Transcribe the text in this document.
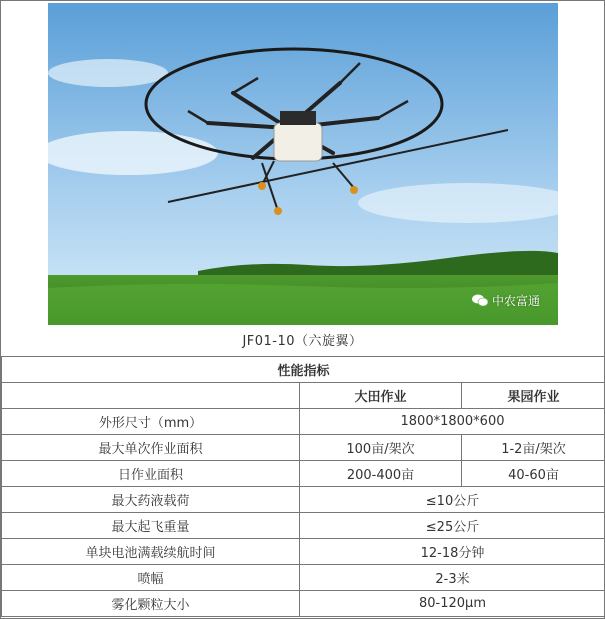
中农富通
JF01-10（六旋翼）
性能指标		
	大田作业	果园作业
外形尺寸（mm）	1800*1800*600	
最大单次作业面积	100亩/架次	1-2亩/架次
日作业面积	200-400亩	40-60亩
最大药液载荷	≤10公斤	
最大起飞重量	≤25公斤	
单块电池满载续航时间	12-18分钟	
喷幅	2-3米	
雾化颗粒大小	80-120μm	
